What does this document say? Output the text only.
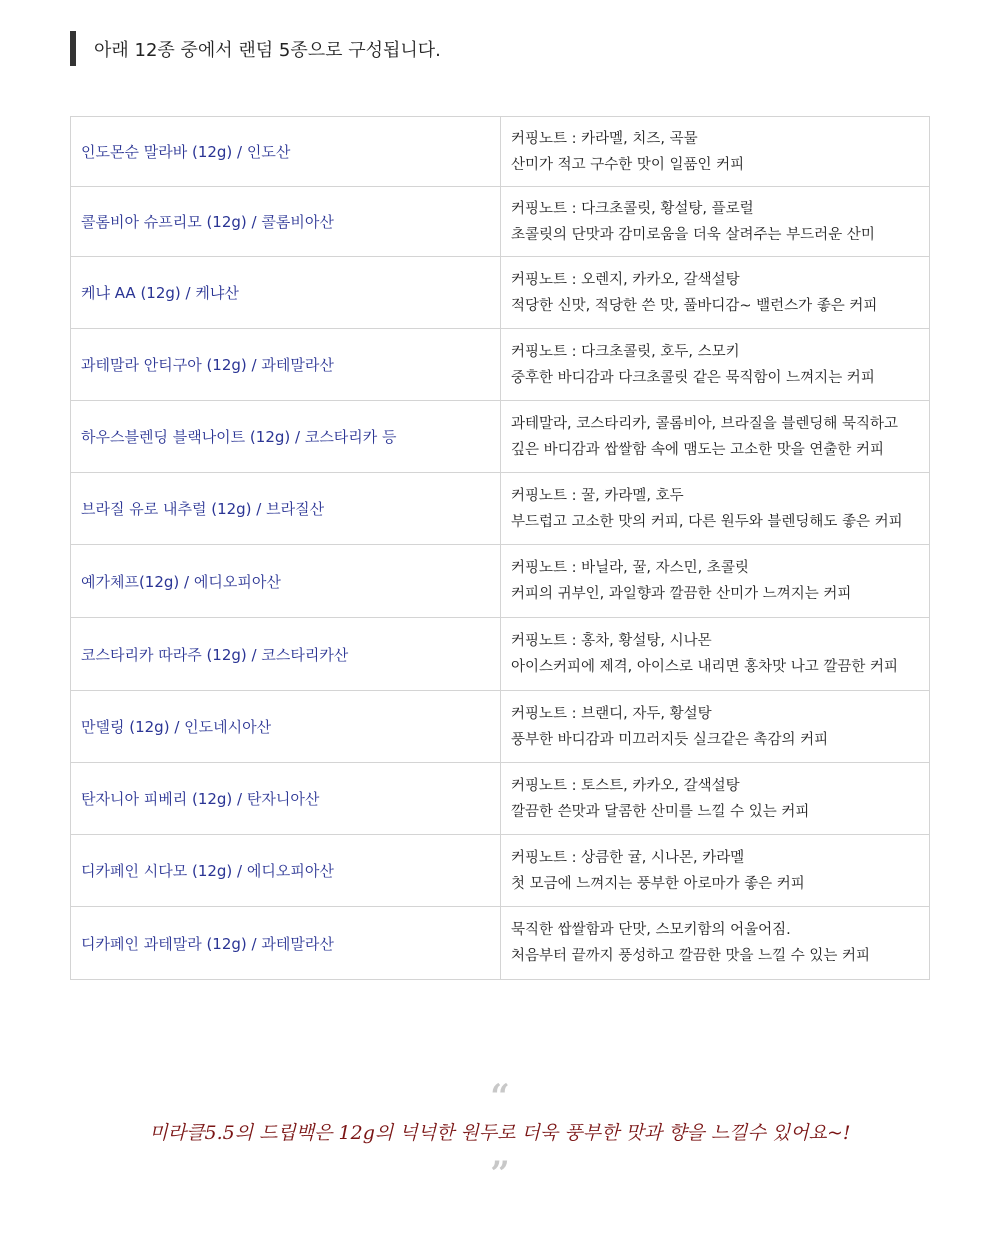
아래 12종 중에서 랜덤 5종으로 구성됩니다.
인도몬순 말라바 (12g) / 인도산	커핑노트 : 카라멜, 치즈, 곡물
산미가 적고 구수한 맛이 일품인 커피

콜롬비아 슈프리모 (12g) / 콜롬비아산	커핑노트 : 다크초콜릿, 황설탕, 플로럴
초콜릿의 단맛과 감미로움을 더욱 살려주는 부드러운 산미

케냐 AA (12g) / 케냐산	커핑노트 : 오렌지, 카카오, 갈색설탕
적당한 신맛, 적당한 쓴 맛, 풀바디감~ 밸런스가 좋은 커피

과테말라 안티구아 (12g) / 과테말라산	커핑노트 : 다크초콜릿, 호두, 스모키
중후한 바디감과 다크초콜릿 같은 묵직함이 느껴지는 커피

하우스블렌딩 블랙나이트 (12g) / 코스타리카 등	과테말라, 코스타리카, 콜롬비아, 브라질을 블렌딩해 묵직하고
깊은 바디감과 쌉쌀함 속에 맴도는 고소한 맛을 연출한 커피

브라질 유로 내추럴 (12g) / 브라질산	커핑노트 : 꿀, 카라멜, 호두
부드럽고 고소한 맛의 커피, 다른 원두와 블렌딩해도 좋은 커피

예가체프(12g) / 에디오피아산	커핑노트 : 바닐라, 꿀, 자스민, 초콜릿
커피의 귀부인, 과일향과 깔끔한 산미가 느껴지는 커피

코스타리카 따라주 (12g) / 코스타리카산	커핑노트 : 홍차, 황설탕, 시나몬
아이스커피에 제격, 아이스로 내리면 홍차맛 나고 깔끔한 커피

만델링 (12g) / 인도네시아산	커핑노트 : 브랜디, 자두, 황설탕
풍부한 바디감과 미끄러지듯 실크같은 촉감의 커피

탄자니아 피베리 (12g) / 탄자니아산	커핑노트 : 토스트, 카카오, 갈색설탕
깔끔한 쓴맛과 달콤한 산미를 느낄 수 있는 커피

디카페인 시다모 (12g) / 에디오피아산	커핑노트 : 상큼한 귤, 시나몬, 카라멜
첫 모금에 느껴지는 풍부한 아로마가 좋은 커피

디카페인 과테말라 (12g) / 과테말라산	묵직한 쌉쌀함과 단맛, 스모키함의 어울어짐.
처음부터 끝까지 풍성하고 깔끔한 맛을 느낄 수 있는 커피
“
미라클5.5의 드립백은 12g의 넉넉한 원두로 더욱 풍부한 맛과 향을 느낄수 있어요~!
”
